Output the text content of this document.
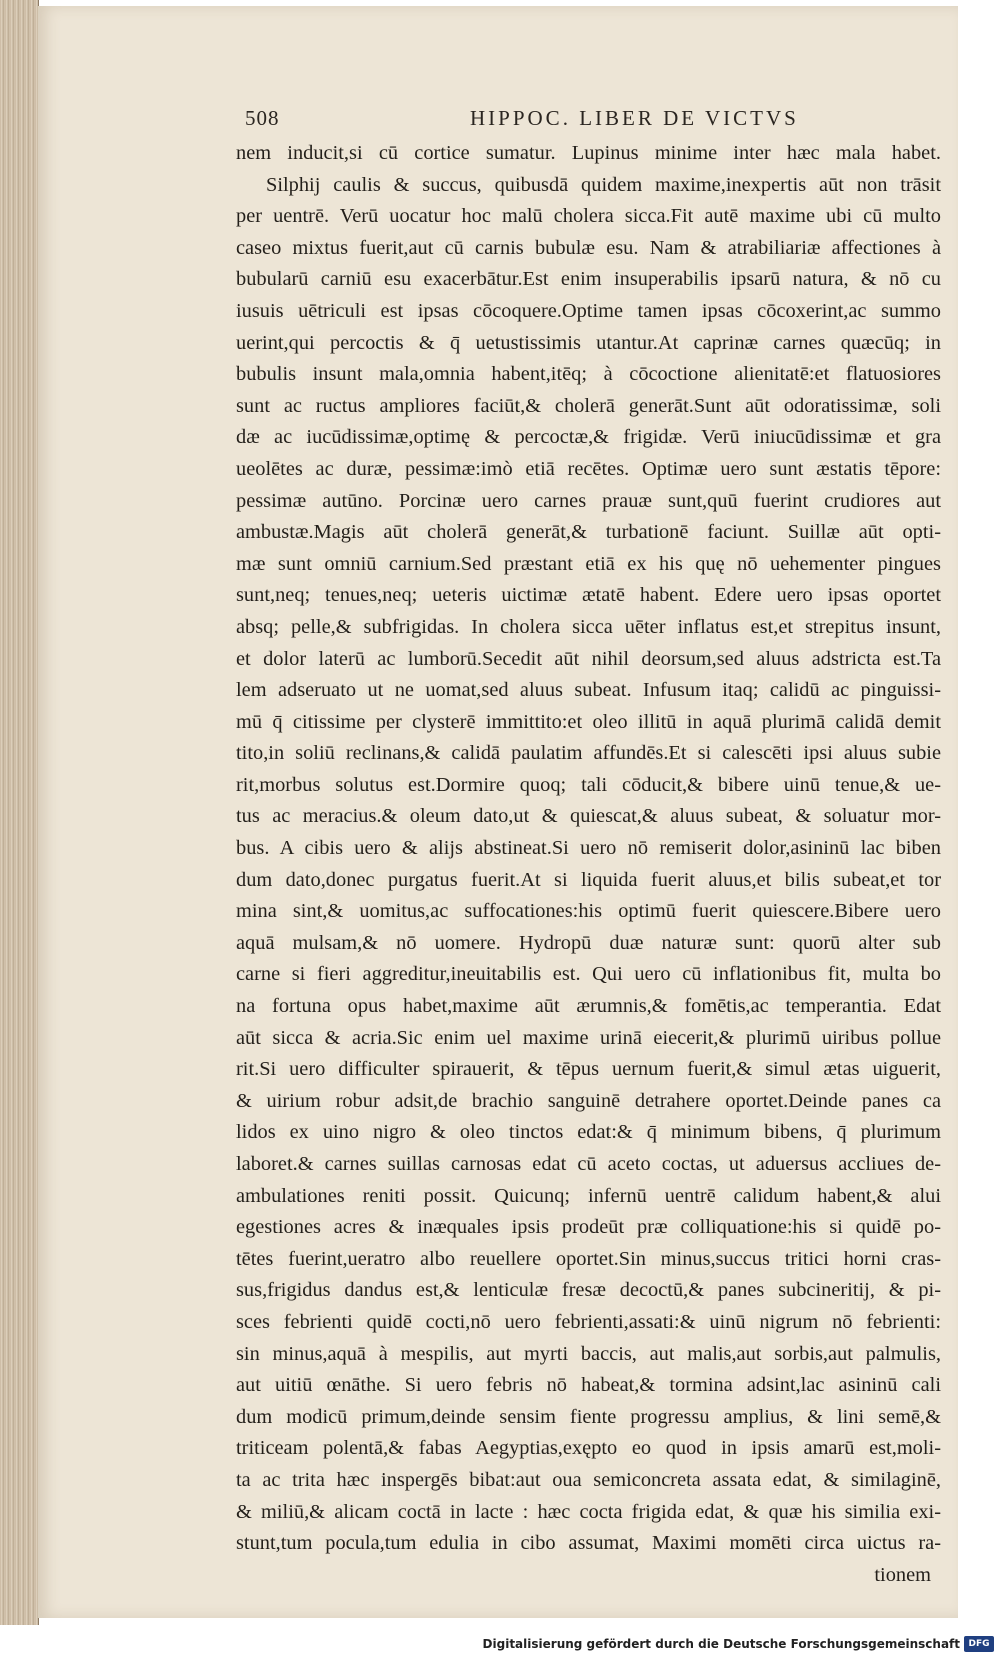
508	HIPPOC. LIBER DE VICTVS
nem inducit,si cū cortice sumatur. Lupinus minime inter hæc mala habet.
Silphij caulis & succus, quibusdā quidem maxime,inexpertis aūt non trāsit
per uentrē. Verū uocatur hoc malū cholera sicca.Fit autē maxime ubi cū multo
caseo mixtus fuerit,aut cū carnis bubulæ esu. Nam & atrabiliariæ affectiones à
bubularū carniū esu exacerbātur.Est enim insuperabilis ipsarū natura, & nō cu
iusuis uētriculi est ipsas cōcoquere.Optime tamen ipsas cōcoxerint,ac summo
uerint,qui percoctis & q̄ uetustissimis utantur.At caprinæ carnes quæcūq; in
bubulis insunt mala,omnia habent,itēq; à cōcoctione alienitatē:et flatuosiores
sunt ac ructus ampliores faciūt,& cholerā generāt.Sunt aūt odoratissimæ, soli
dæ ac iucūdissimæ,optimę & percoctæ,& frigidæ. Verū iniucūdissimæ et gra
ueolētes ac duræ, pessimæ:imò etiā recētes. Optimæ uero sunt æstatis tēpore:
pessimæ autūno. Porcinæ uero carnes prauæ sunt,quū fuerint crudiores aut
ambustæ.Magis aūt cholerā generāt,& turbationē faciunt. Suillæ aūt opti-
mæ sunt omniū carnium.Sed præstant etiā ex his quę nō uehementer pingues
sunt,neq; tenues,neq; ueteris uictimæ ætatē habent. Edere uero ipsas oportet
absq; pelle,& subfrigidas. In cholera sicca uēter inflatus est,et strepitus insunt,
et dolor laterū ac lumborū.Secedit aūt nihil deorsum,sed aluus adstricta est.Ta
lem adseruato ut ne uomat,sed aluus subeat. Infusum itaq; calidū ac pinguissi-
mū q̄ citissime per clysterē immittito:et oleo illitū in aquā plurimā calidā demit
tito,in soliū reclinans,& calidā paulatim affundēs.Et si calescēti ipsi aluus subie
rit,morbus solutus est.Dormire quoq; tali cōducit,& bibere uinū tenue,& ue-
tus ac meracius.& oleum dato,ut & quiescat,& aluus subeat, & soluatur mor-
bus. A cibis uero & alijs abstineat.Si uero nō remiserit dolor,asininū lac biben
dum dato,donec purgatus fuerit.At si liquida fuerit aluus,et bilis subeat,et tor
mina sint,& uomitus,ac suffocationes:his optimū fuerit quiescere.Bibere uero
aquā mulsam,& nō uomere. Hydropū duæ naturæ sunt: quorū alter sub
carne si fieri aggreditur,ineuitabilis est. Qui uero cū inflationibus fit, multa bo
na fortuna opus habet,maxime aūt ærumnis,& fomētis,ac temperantia. Edat
aūt sicca & acria.Sic enim uel maxime urinā eiecerit,& plurimū uiribus pollue
rit.Si uero difficulter spirauerit, & tēpus uernum fuerit,& simul ætas uiguerit,
& uirium robur adsit,de brachio sanguinē detrahere oportet.Deinde panes ca
lidos ex uino nigro & oleo tinctos edat:& q̄ minimum bibens, q̄ plurimum
laboret.& carnes suillas carnosas edat cū aceto coctas, ut aduersus accliues de-
ambulationes reniti possit. Quicunq; infernū uentrē calidum habent,& alui
egestiones acres & inæquales ipsis prodeūt præ colliquatione:his si quidē po-
tētes fuerint,ueratro albo reuellere oportet.Sin minus,succus tritici horni cras-
sus,frigidus dandus est,& lenticulæ fresæ decoctū,& panes subcineritij, & pi-
sces febrienti quidē cocti,nō uero febrienti,assati:& uinū nigrum nō febrienti:
sin minus,aquā à mespilis, aut myrti baccis, aut malis,aut sorbis,aut palmulis,
aut uitiū œnāthe. Si uero febris nō habeat,& tormina adsint,lac asininū cali
dum modicū primum,deinde sensim fiente progressu amplius, & lini semē,&
triticeam polentā,& fabas Aegyptias,exępto eo quod in ipsis amarū est,moli-
ta ac trita hæc inspergēs bibat:aut oua semiconcreta assata edat, & similaginē,
& miliū,& alicam coctā in lacte : hæc cocta frigida edat, & quæ his similia exi-
stunt,tum pocula,tum edulia in cibo assumat, Maximi momēti circa uictus ra-
tionem
Digitalisierung gefördert durch die Deutsche Forschungsgemeinschaft DFG
